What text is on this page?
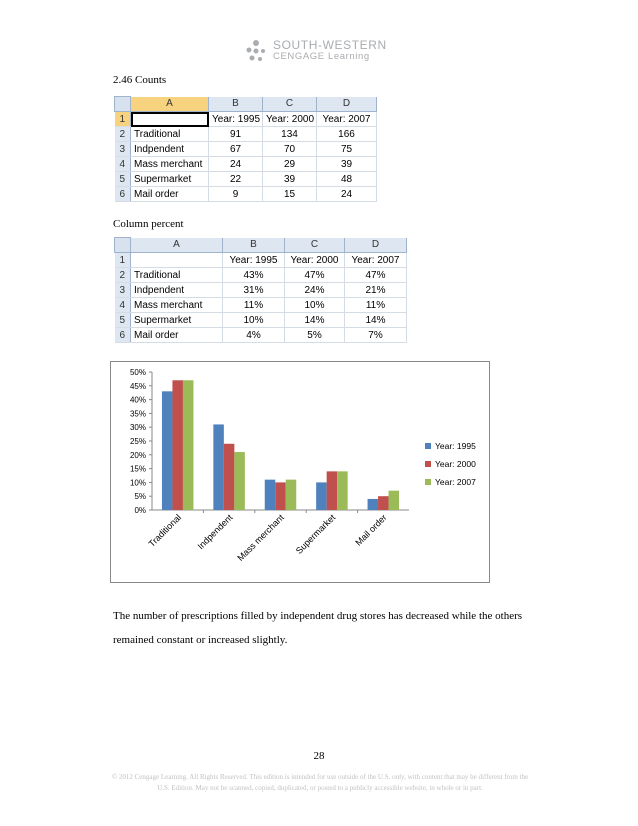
SOUTH-WESTERN
CENGAGE Learning
2.46 Counts
	A	B	C	D
1		Year: 1995	Year: 2000	Year: 2007
2	Traditional	91	134	166
3	Indpendent	67	70	75
4	Mass merchant	24	29	39
5	Supermarket	22	39	48
6	Mail order	9	15	24
Column percent
	A	B	C	D
1		Year: 1995	Year: 2000	Year: 2007
2	Traditional	43%	47%	47%
3	Indpendent	31%	24%	21%
4	Mass merchant	11%	10%	11%
5	Supermarket	10%	14%	14%
6	Mail order	4%	5%	7%
0%
5%
10%
15%
20%
25%
30%
35%
40%
45%
50%
Traditional Indpendent Mass merchant Supermarket Mail order
Year: 1995
Year: 2000
Year: 2007
The number of prescriptions filled by independent drug stores has decreased while the others remained constant or increased slightly.
28
© 2012 Cengage Learning. All Rights Reserved. This edition is intended for use outside of the U.S. only, with content that may be different from the U.S. Edition. May not be scanned, copied, duplicated, or posted to a publicly accessible website, in whole or in part.
